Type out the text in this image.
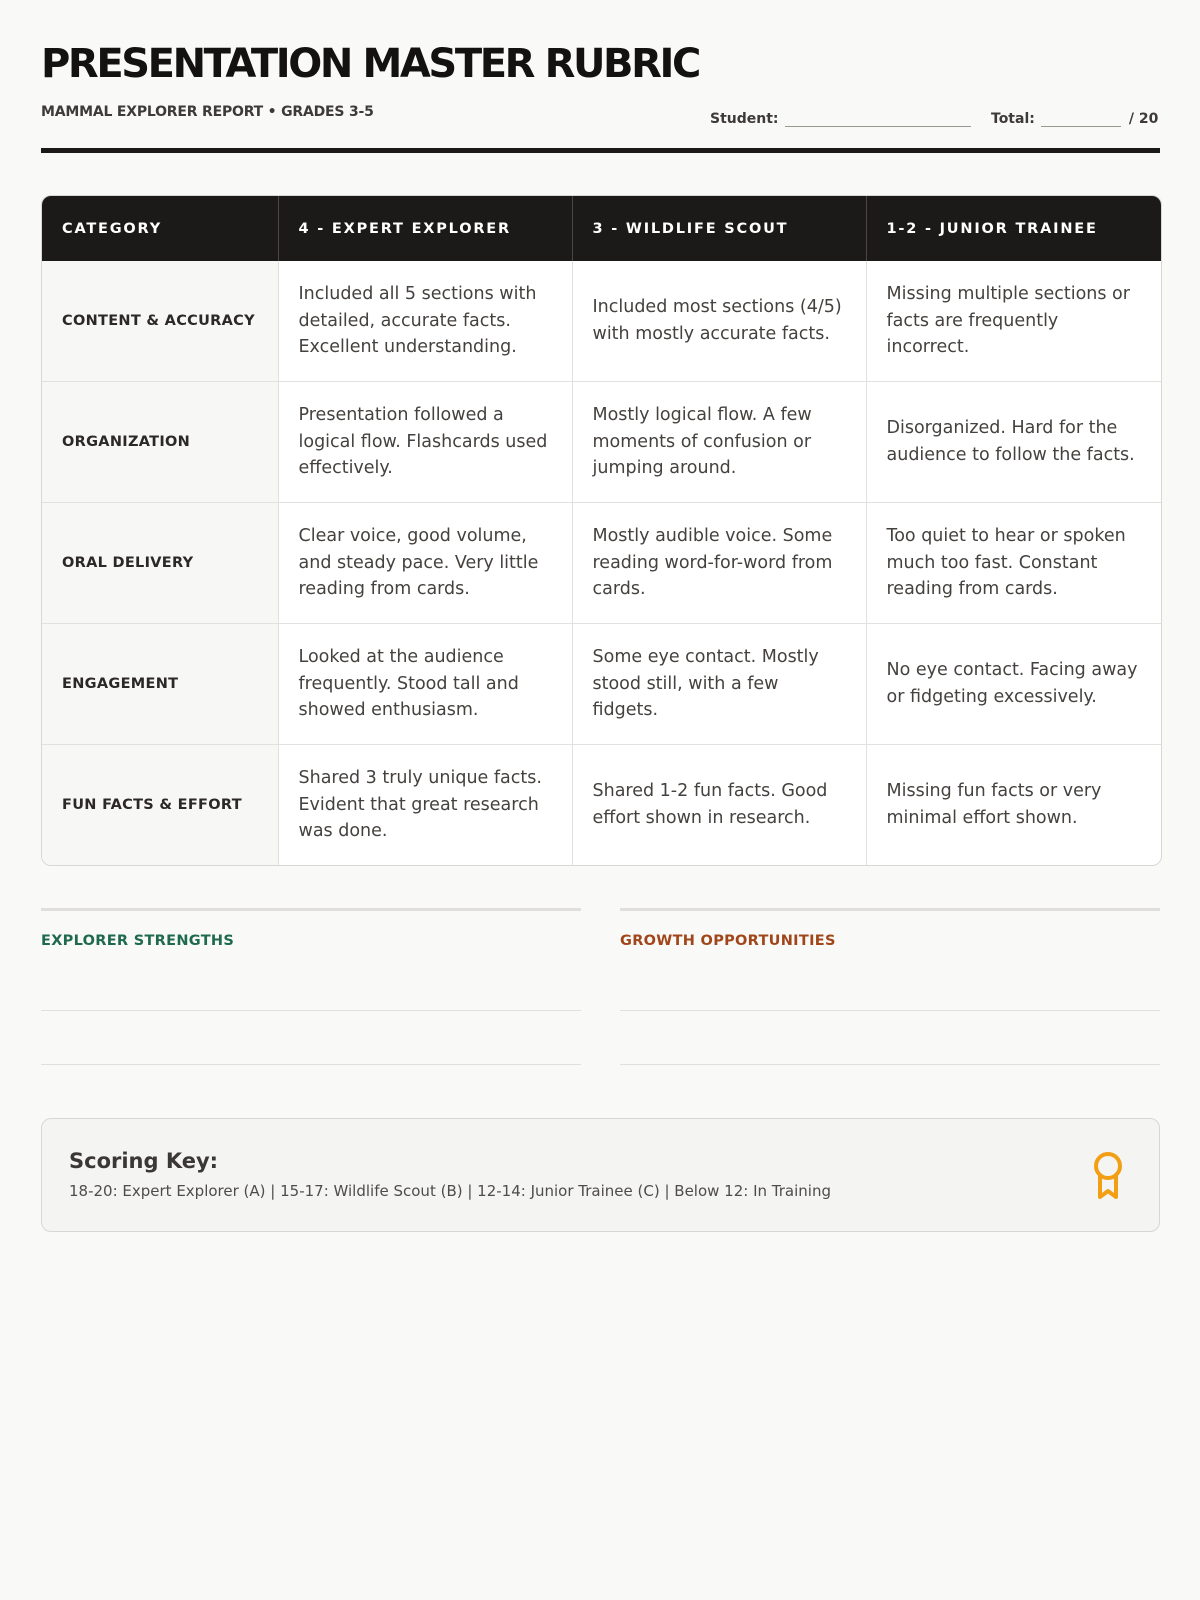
PRESENTATION MASTER RUBRIC
MAMMAL EXPLORER REPORT • GRADES 3-5	Student:	Total:	/ 20
CATEGORY	4 - EXPERT EXPLORER	3 - WILDLIFE SCOUT	1-2 - JUNIOR TRAINEE
CONTENT & ACCURACY	Included all 5 sections with detailed, accurate facts. Excellent understanding.	Included most sections (4/5) with mostly accurate facts.	Missing multiple sections or facts are frequently incorrect.
ORGANIZATION	Presentation followed a logical flow. Flashcards used effectively.	Mostly logical flow. A few moments of confusion or jumping around.	Disorganized. Hard for the audience to follow the facts.
ORAL DELIVERY	Clear voice, good volume, and steady pace. Very little reading from cards.	Mostly audible voice. Some reading word-for-word from cards.	Too quiet to hear or spoken much too fast. Constant reading from cards.
ENGAGEMENT	Looked at the audience frequently. Stood tall and showed enthusiasm.	Some eye contact. Mostly stood still, with a few fidgets.	No eye contact. Facing away or fidgeting excessively.
FUN FACTS & EFFORT	Shared 3 truly unique facts. Evident that great research was done.	Shared 1-2 fun facts. Good effort shown in research.	Missing fun facts or very minimal effort shown.
EXPLORER STRENGTHS	GROWTH OPPORTUNITIES
Scoring Key:
18-20: Expert Explorer (A) | 15-17: Wildlife Scout (B) | 12-14: Junior Trainee (C) | Below 12: In Training
